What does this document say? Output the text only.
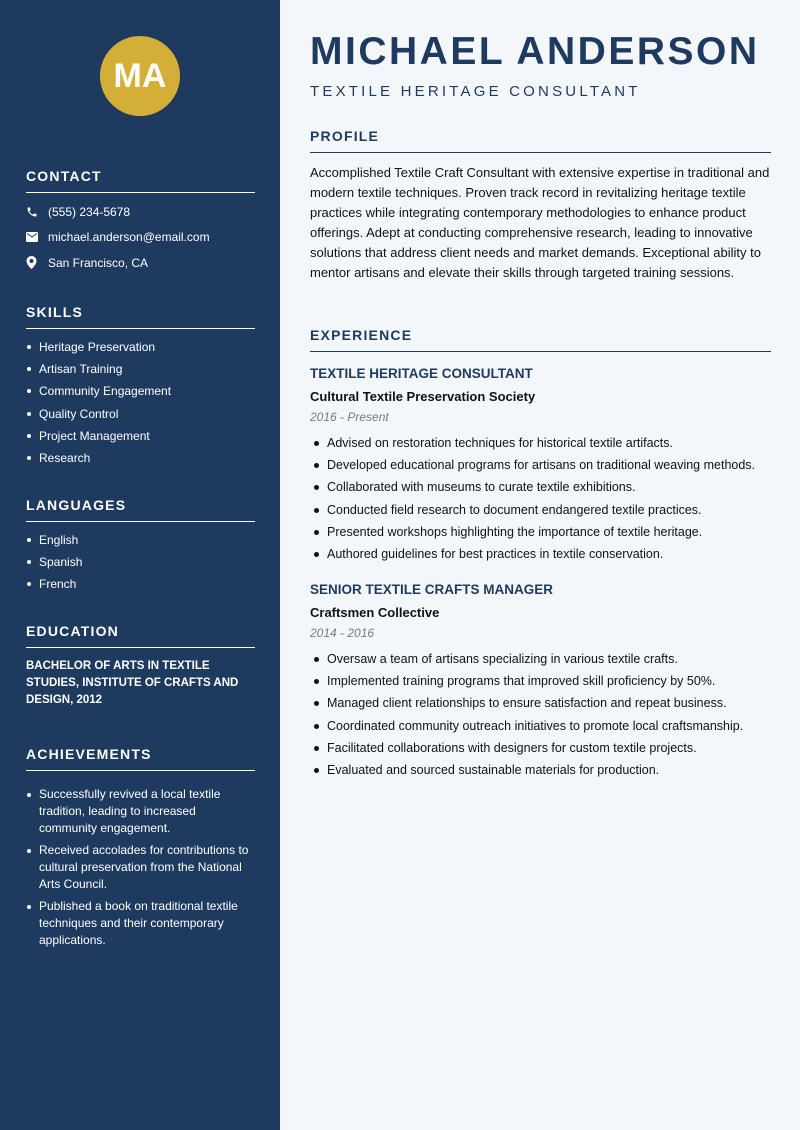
MA
CONTACT
(555) 234-5678
michael.anderson@email.com
San Francisco, CA
SKILLS
Heritage Preservation
Artisan Training
Community Engagement
Quality Control
Project Management
Research
LANGUAGES
English
Spanish
French
EDUCATION
BACHELOR OF ARTS IN TEXTILE STUDIES, INSTITUTE OF CRAFTS AND DESIGN, 2012
ACHIEVEMENTS
Successfully revived a local textile tradition, leading to increased community engagement.
Received accolades for contributions to cultural preservation from the National Arts Council.
Published a book on traditional textile techniques and their contemporary applications.
MICHAEL ANDERSON
TEXTILE HERITAGE CONSULTANT
PROFILE
Accomplished Textile Craft Consultant with extensive expertise in traditional and modern textile techniques. Proven track record in revitalizing heritage textile practices while integrating contemporary methodologies to enhance product offerings. Adept at conducting comprehensive research, leading to innovative solutions that address client needs and market demands. Exceptional ability to mentor artisans and elevate their skills through targeted training sessions.
EXPERIENCE
TEXTILE HERITAGE CONSULTANT
Cultural Textile Preservation Society
2016 - Present
Advised on restoration techniques for historical textile artifacts.
Developed educational programs for artisans on traditional weaving methods.
Collaborated with museums to curate textile exhibitions.
Conducted field research to document endangered textile practices.
Presented workshops highlighting the importance of textile heritage.
Authored guidelines for best practices in textile conservation.
SENIOR TEXTILE CRAFTS MANAGER
Craftsmen Collective
2014 - 2016
Oversaw a team of artisans specializing in various textile crafts.
Implemented training programs that improved skill proficiency by 50%.
Managed client relationships to ensure satisfaction and repeat business.
Coordinated community outreach initiatives to promote local craftsmanship.
Facilitated collaborations with designers for custom textile projects.
Evaluated and sourced sustainable materials for production.
